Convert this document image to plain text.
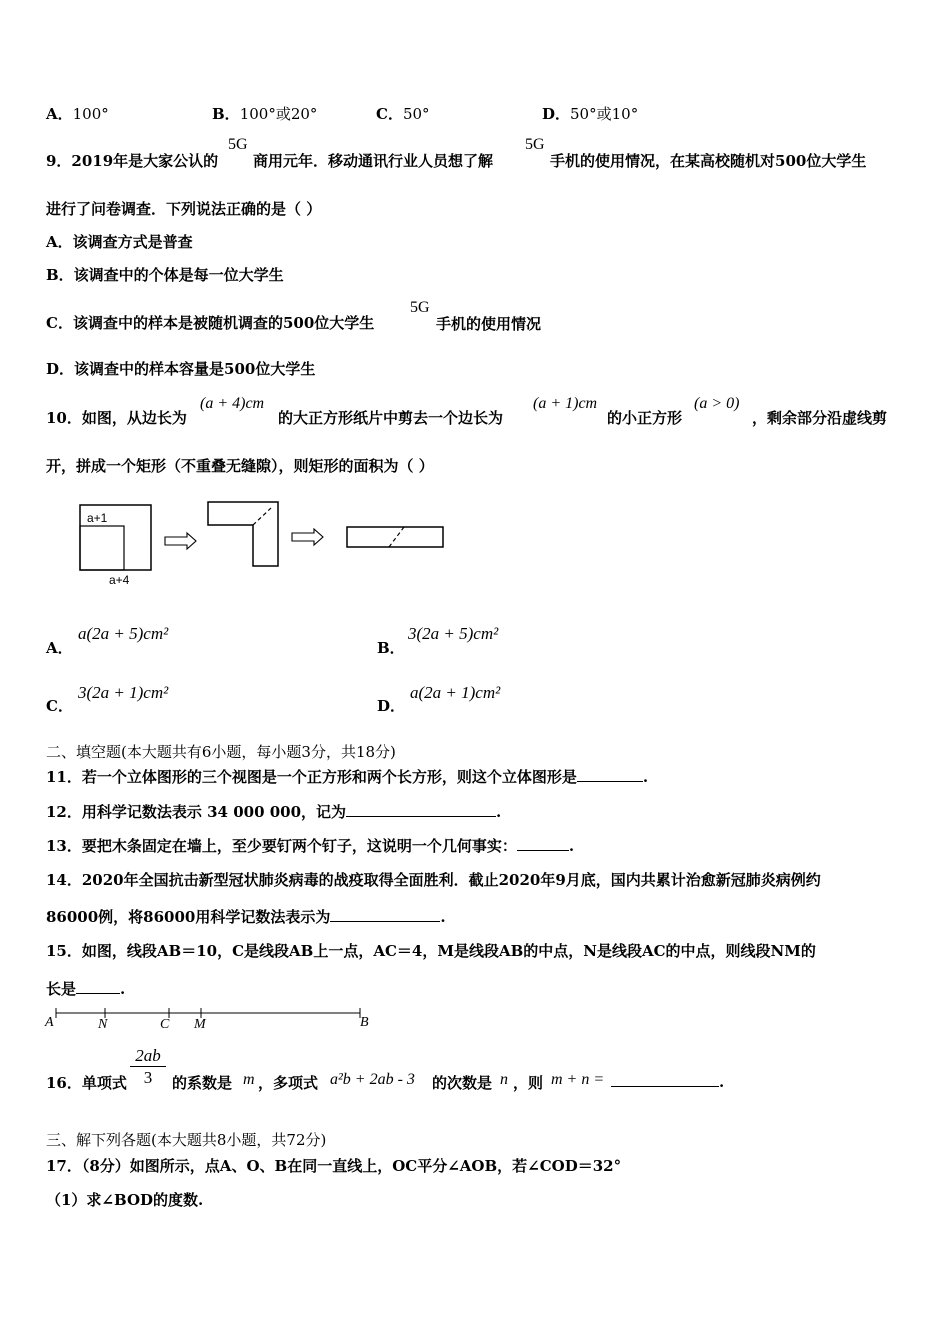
A．100°	B．100°或20°	C．50°	D．50°或10°
9．2019年是大家公认的
5G
商用元年．移动通讯行业人员想了解
5G
手机的使用情况，在某高校随机对500位大学生
进行了问卷调查．下列说法正确的是（ ）
A．该调查方式是普查
B．该调查中的个体是每一位大学生
C．该调查中的样本是被随机调查的500位大学生
5G
手机的使用情况
D．该调查中的样本容量是500位大学生
10．如图，从边长为
(a + 4)cm
的大正方形纸片中剪去一个边长为
(a + 1)cm
的小正方形
(a > 0)
，剩余部分沿虚线剪
开，拼成一个矩形（不重叠无缝隙），则矩形的面积为（ ）
a+1
a+4
A．
a(2a + 5)cm²
B．
3(2a + 5)cm²
C．
3(2a + 1)cm²
D．
a(2a + 1)cm²
二、填空题(本大题共有6小题，每小题3分，共18分)
11．若一个立体图形的三个视图是一个正方形和两个长方形，则这个立体图形是	.
12．用科学记数法表示 34 000 000，记为	.
13．要把木条固定在墙上，至少要钉两个钉子，这说明一个几何事实：	.
14．2020年全国抗击新型冠状肺炎病毒的战疫取得全面胜利．截止2020年9月底，国内共累计治愈新冠肺炎病例约
86000例，将86000用科学记数法表示为	.
15．如图，线段AB＝10，C是线段AB上一点，AC＝4，M是线段AB的中点，N是线段AC的中点，则线段NM的
长是	.
A	N	C M	B
16．单项式 $\frac{2ab}{3}$ 的系数是 m ，多项式 a²b + 2ab - 3 的次数是 n ，则 m + n =	.
三、解下列各题(本大题共8小题，共72分)
17．（8分）如图所示，点A、O、B在同一直线上，OC平分∠AOB，若∠COD＝32°
（1）求∠BOD的度数.
